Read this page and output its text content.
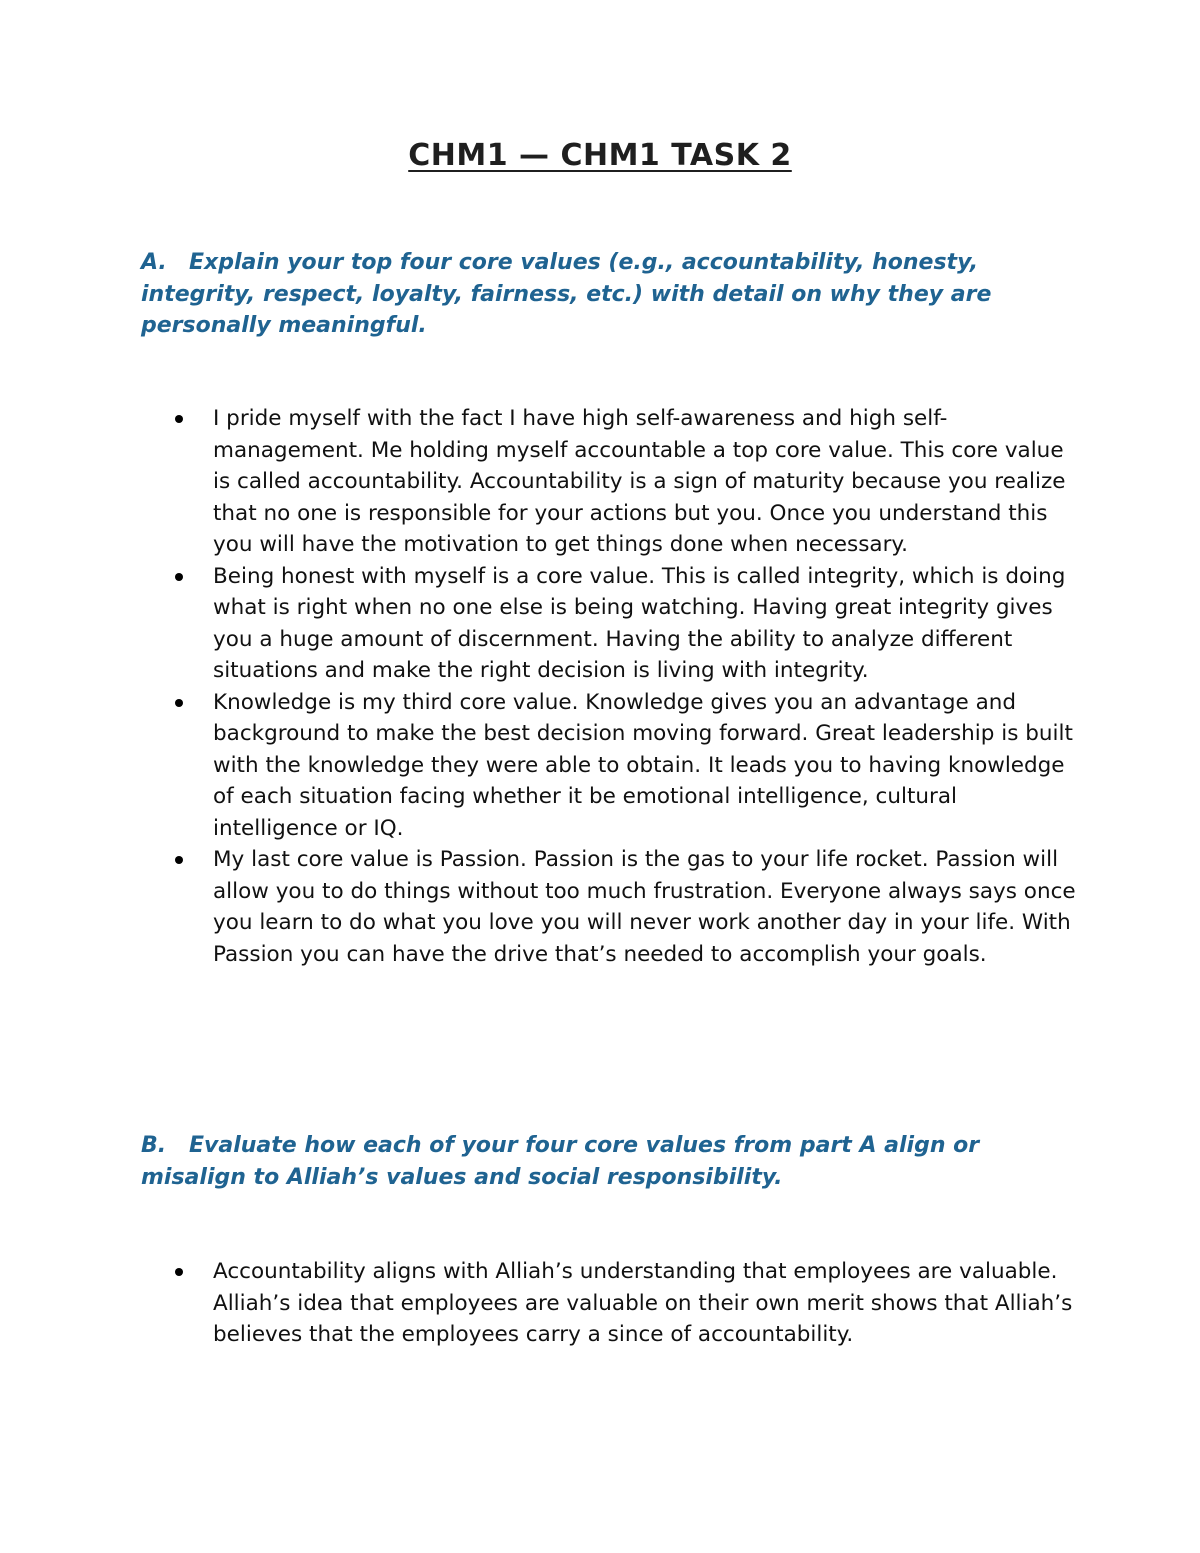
CHM1 — CHM1 TASK 2

A. Explain your top four core values (e.g., accountability, honesty, integrity, respect, loyalty, fairness, etc.) with detail on why they are personally meaningful.

I pride myself with the fact I have high self-awareness and high self-management. Me holding myself accountable a top core value. This core value is called accountability. Accountability is a sign of maturity because you realize that no one is responsible for your actions but you. Once you understand this you will have the motivation to get things done when necessary.
Being honest with myself is a core value. This is called integrity, which is doing what is right when no one else is being watching. Having great integrity gives you a huge amount of discernment. Having the ability to analyze different situations and make the right decision is living with integrity.
Knowledge is my third core value. Knowledge gives you an advantage and background to make the best decision moving forward. Great leadership is built with the knowledge they were able to obtain. It leads you to having knowledge of each situation facing whether it be emotional intelligence, cultural intelligence or IQ.
My last core value is Passion. Passion is the gas to your life rocket. Passion will allow you to do things without too much frustration. Everyone always says once you learn to do what you love you will never work another day in your life. With Passion you can have the drive that’s needed to accomplish your goals.

B. Evaluate how each of your four core values from part A align or misalign to Alliah’s values and social responsibility.

Accountability aligns with Alliah’s understanding that employees are valuable. Alliah’s idea that employees are valuable on their own merit shows that Alliah’s believes that the employees carry a since of accountability.
